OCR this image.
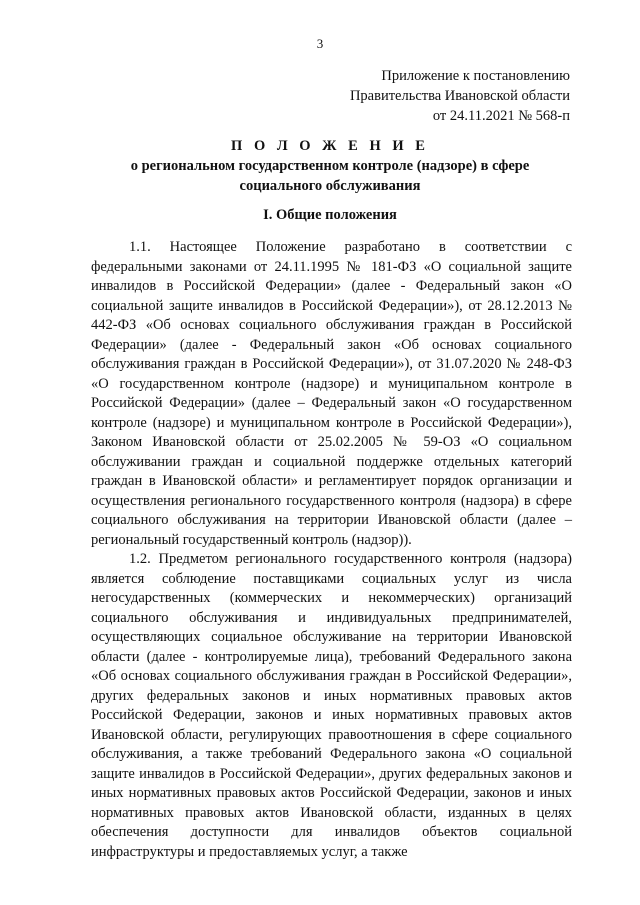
3
Приложение к постановлению
Правительства Ивановской области
от 24.11.2021 № 568-п
П О Л О Ж Е Н И Е
о региональном государственном контроле (надзоре) в сфере
социального обслуживания
I. Общие положения

1.1. Настоящее Положение разработано в соответствии с федеральными законами от 24.11.1995 № 181-ФЗ «О социальной защите инвалидов в Российской Федерации» (далее - Федеральный закон «О социальной защите инвалидов в Российской Федерации»), от 28.12.2013 № 442-ФЗ «Об основах социального обслуживания граждан в Российской Федерации» (далее - Федеральный закон «Об основах социального обслуживания граждан в Российской Федерации»), от 31.07.2020 № 248-ФЗ «О государственном контроле (надзоре) и муниципальном контроле в Российской Федерации» (далее – Федеральный закон «О государственном контроле (надзоре) и муниципальном контроле в Российской Федерации»), Законом Ивановской области от 25.02.2005 № 59-ОЗ «О социальном обслуживании граждан и социальной поддержке отдельных категорий граждан в Ивановской области» и регламентирует порядок организации и осуществления регионального государственного контроля (надзора) в сфере социального обслуживания на территории Ивановской области (далее – региональный государственный контроль (надзор)).

1.2. Предметом регионального государственного контроля (надзора) является соблюдение поставщиками социальных услуг из числа негосударственных (коммерческих и некоммерческих) организаций социального обслуживания и индивидуальных предпринимателей, осуществляющих социальное обслуживание на территории Ивановской области (далее - контролируемые лица), требований Федерального закона «Об основах социального обслуживания граждан в Российской Федерации», других федеральных законов и иных нормативных правовых актов Российской Федерации, законов и иных нормативных правовых актов Ивановской области, регулирующих правоотношения в сфере социального обслуживания, а также требований Федерального закона «О социальной защите инвалидов в Российской Федерации», других федеральных законов и иных нормативных правовых актов Российской Федерации, законов и иных нормативных правовых актов Ивановской области, изданных в целях обеспечения доступности для инвалидов объектов социальной инфраструктуры и предоставляемых услуг, а также
